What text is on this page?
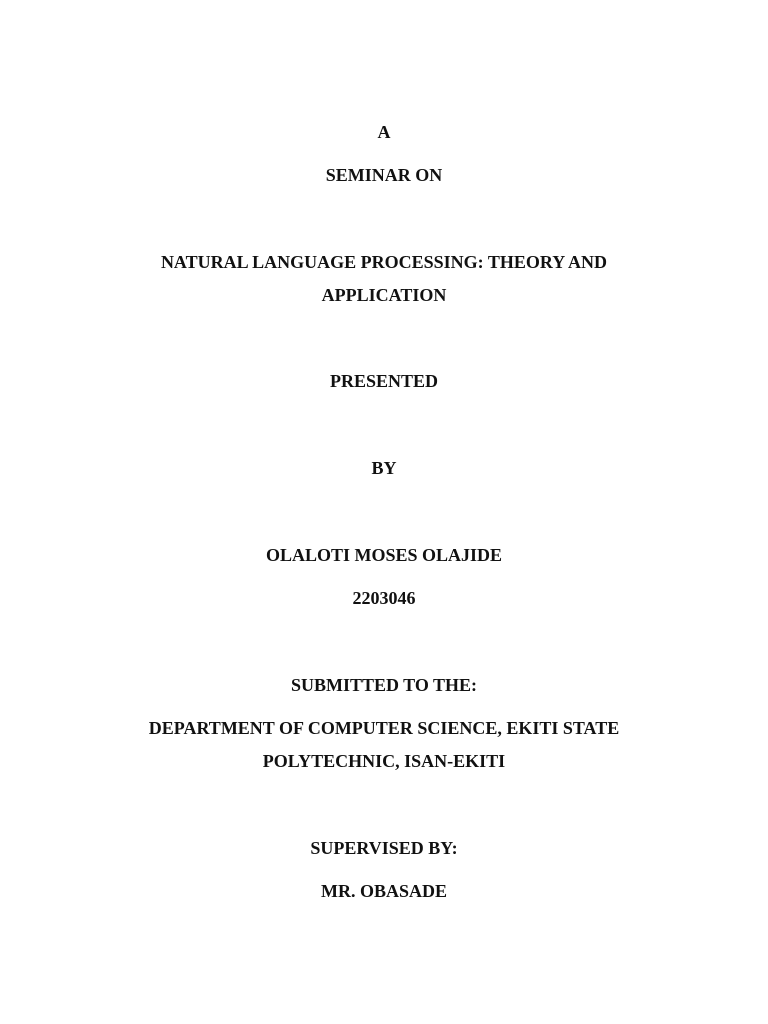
A
SEMINAR ON
NATURAL LANGUAGE PROCESSING: THEORY AND
APPLICATION
PRESENTED
BY
OLALOTI MOSES OLAJIDE
2203046
SUBMITTED TO THE:
DEPARTMENT OF COMPUTER SCIENCE, EKITI STATE
POLYTECHNIC, ISAN-EKITI
SUPERVISED BY:
MR. OBASADE
